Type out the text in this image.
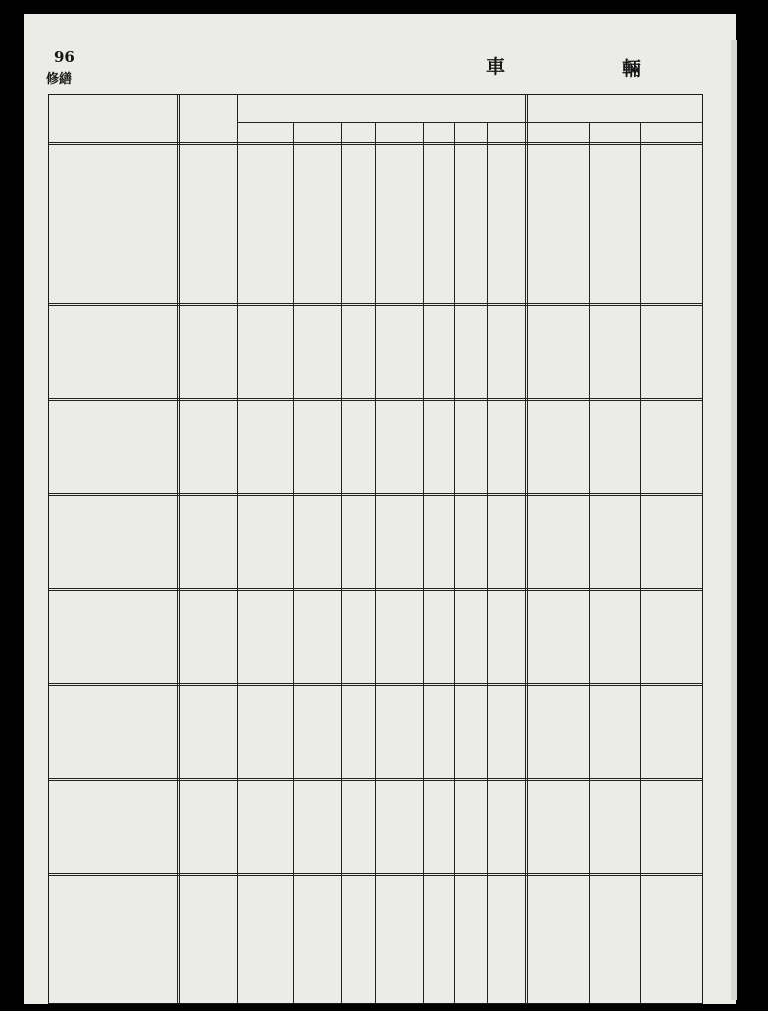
96
修繕
車	輛
